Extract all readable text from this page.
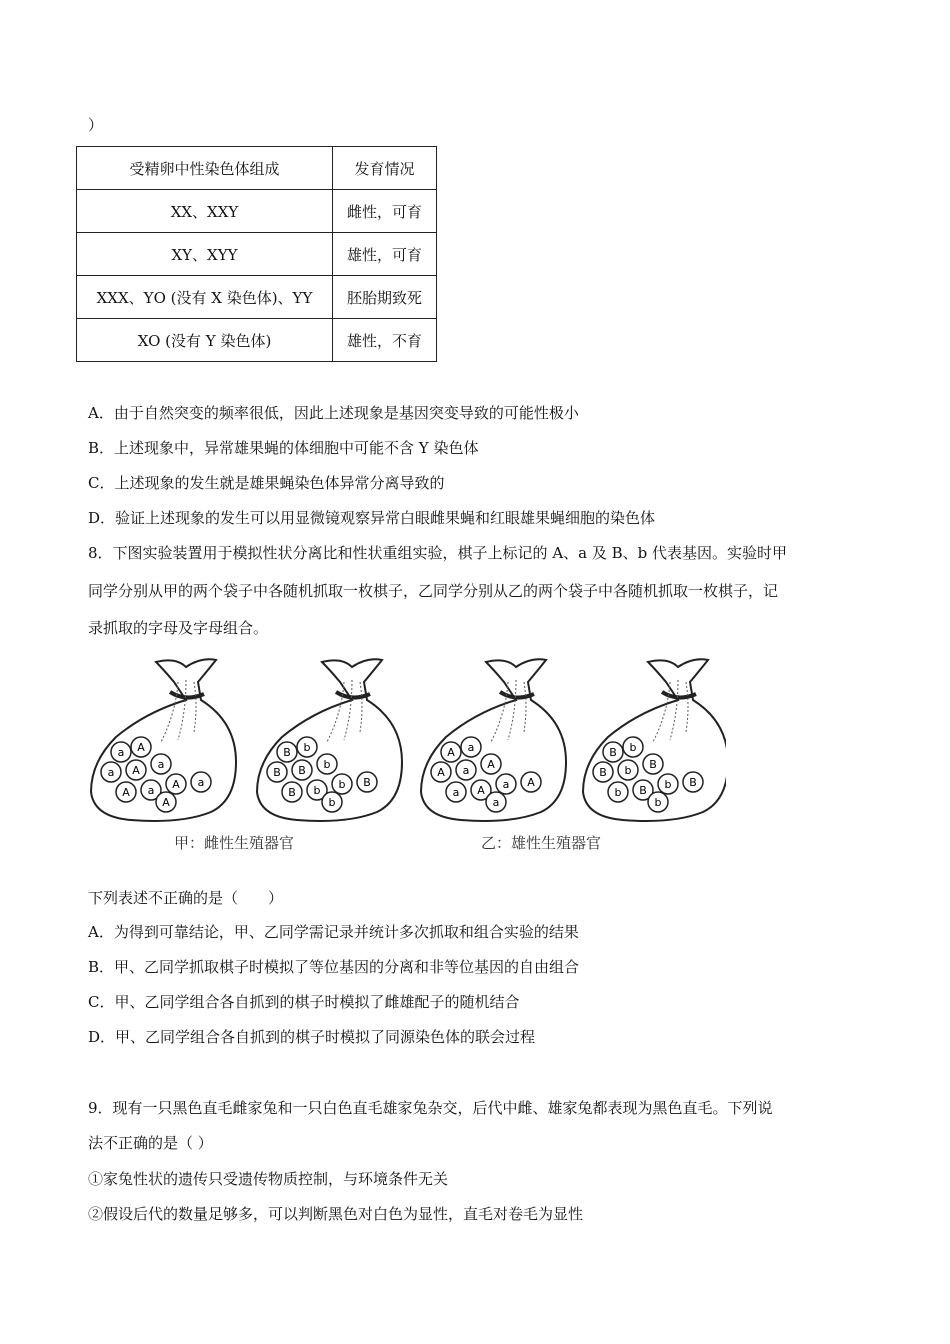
）
受精卵中性染色体组成	发育情况
XX、XXY	雌性，可育
XY、XYY	雄性，可育
XXX、YO (没有 X 染色体)、YY	胚胎期致死
XO (没有 Y 染色体)	雄性，不育
A．由于自然突变的频率很低，因此上述现象是基因突变导致的可能性极小
B．上述现象中，异常雄果蝇的体细胞中可能不含 Y 染色体
C．上述现象的发生就是雄果蝇染色体异常分离导致的
D．验证上述现象的发生可以用显微镜观察异常白眼雌果蝇和红眼雄果蝇细胞的染色体
8．下图实验装置用于模拟性状分离比和性状重组实验，棋子上标记的 A、a 及 B、b 代表基因。实验时甲
同学分别从甲的两个袋子中各随机抓取一枚棋子，乙同学分别从乙的两个袋子中各随机抓取一枚棋子，记
录抓取的字母及字母组合。
a A
a A a
A a A a
A
B b
B B b
B b b B
b
A a
A a A
a A a A
a
B b
B b B
b B b B
b
甲：雌性生殖器官	乙：雄性生殖器官
下列表述不正确的是（　　）
A．为得到可靠结论，甲、乙同学需记录并统计多次抓取和组合实验的结果
B．甲、乙同学抓取棋子时模拟了等位基因的分离和非等位基因的自由组合
C．甲、乙同学组合各自抓到的棋子时模拟了雌雄配子的随机结合
D．甲、乙同学组合各自抓到的棋子时模拟了同源染色体的联会过程
9．现有一只黑色直毛雌家兔和一只白色直毛雄家兔杂交，后代中雌、雄家兔都表现为黑色直毛。下列说
法不正确的是（ ）
①家兔性状的遗传只受遗传物质控制，与环境条件无关
②假设后代的数量足够多，可以判断黑色对白色为显性，直毛对卷毛为显性
